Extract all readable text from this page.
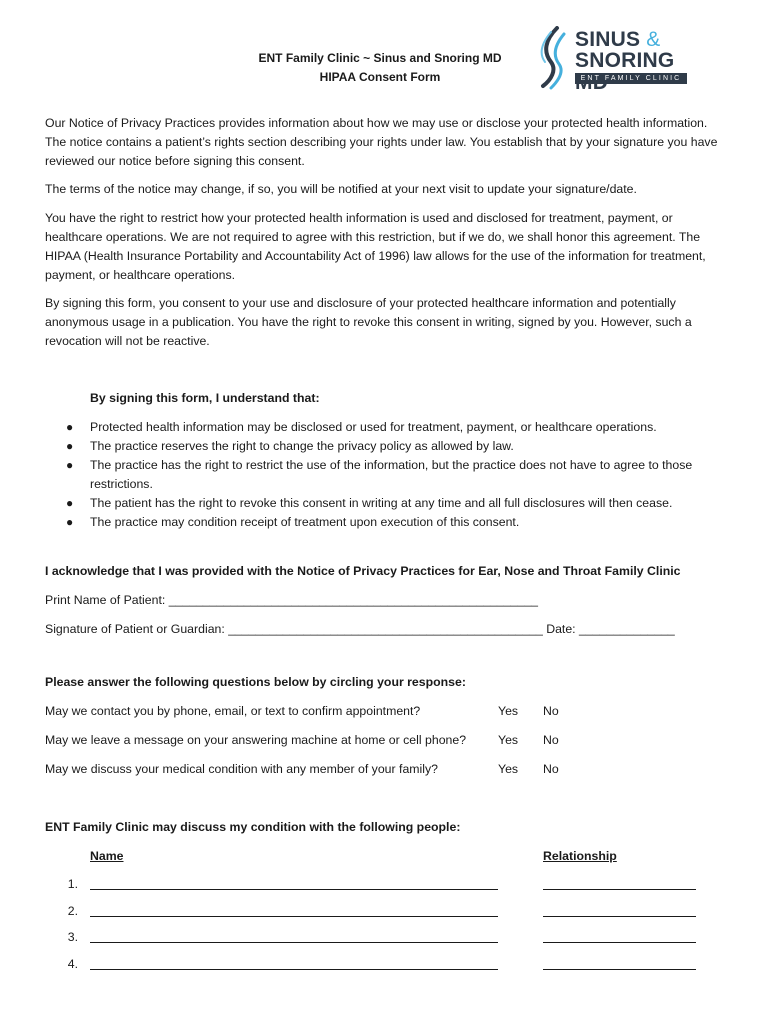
ENT Family Clinic ~ Sinus and Snoring MD
HIPAA Consent Form
SINUS &
SNORING
ENT FAMILY CLINIC
Our Notice of Privacy Practices provides information about how we may use or disclose your protected health information. The notice contains a patient’s rights section describing your rights under law. You establish that by your signature you have reviewed our notice before signing this consent.
The terms of the notice may change, if so, you will be notified at your next visit to update your signature/date.
You have the right to restrict how your protected health information is used and disclosed for treatment, payment, or healthcare operations. We are not required to agree with this restriction, but if we do, we shall honor this agreement. The HIPAA (Health Insurance Portability and Accountability Act of 1996) law allows for the use of the information for treatment, payment, or healthcare operations.
By signing this form, you consent to your use and disclosure of your protected healthcare information and potentially anonymous usage in a publication. You have the right to revoke this consent in writing, signed by you. However, such a revocation will not be reactive.
By signing this form, I understand that:
● Protected health information may be disclosed or used for treatment, payment, or healthcare operations.
● The practice reserves the right to change the privacy policy as allowed by law.
● The practice has the right to restrict the use of the information, but the practice does not have to agree to those restrictions.
● The patient has the right to revoke this consent in writing at any time and all full disclosures will then cease.
● The practice may condition receipt of treatment upon execution of this consent.
I acknowledge that I was provided with the Notice of Privacy Practices for Ear, Nose and Throat Family Clinic
Print Name of Patient: ______________________________________________________
Signature of Patient or Guardian: ______________________________________________ Date: ______________
Please answer the following questions below by circling your response:
May we contact you by phone, email, or text to confirm appointment?	Yes No
May we leave a message on your answering machine at home or cell phone?	Yes No
May we discuss your medical condition with any member of your family?	Yes No
ENT Family Clinic may discuss my condition with the following people:
Name	Relationship
1.
2.
3.
4.
